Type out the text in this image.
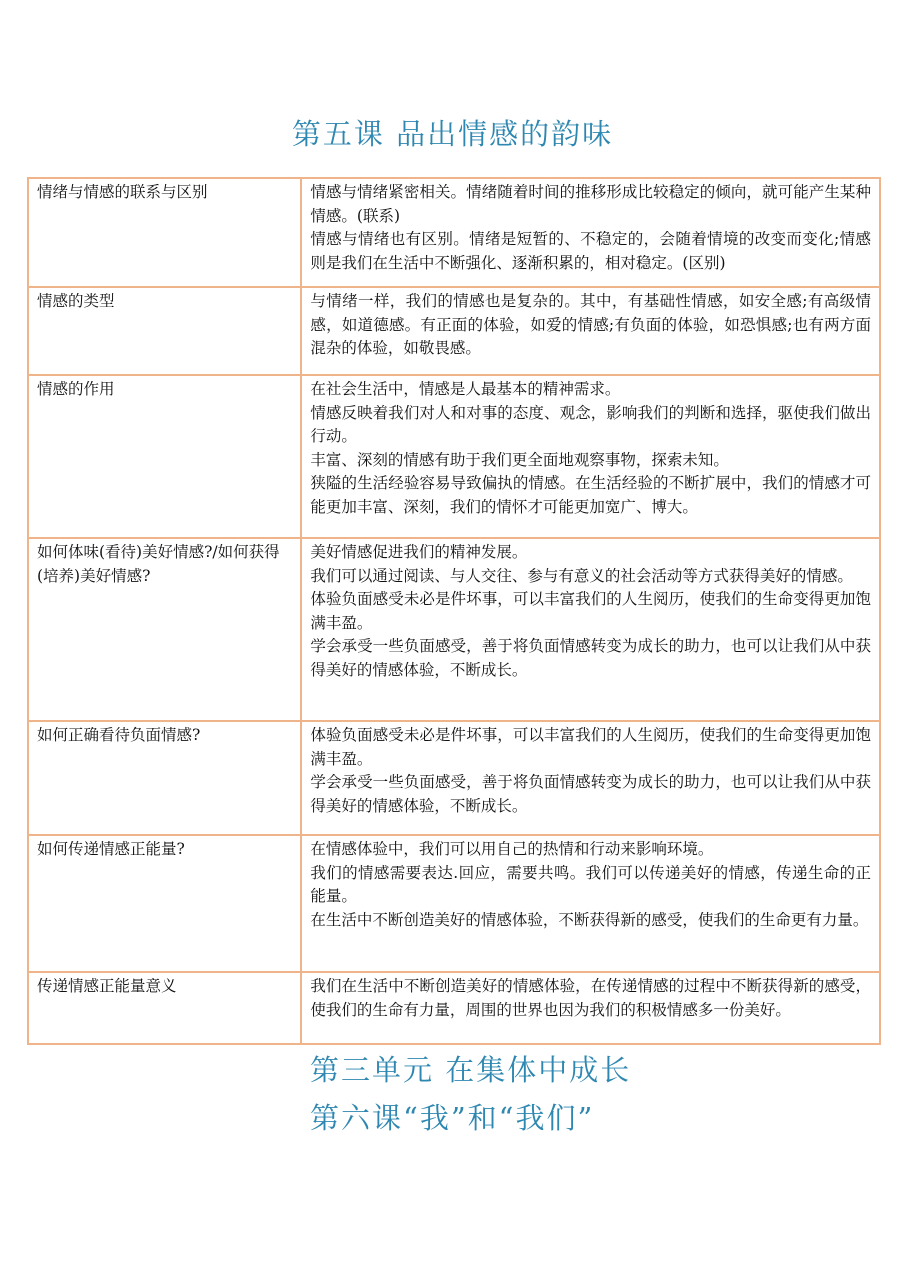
第五课 品出情感的韵味
情绪与情感的联系与区别	情感与情绪紧密相关。情绪随着时间的推移形成比较稳定的倾向，就可能产生某种情感。(联系)
情感与情绪也有区别。情绪是短暂的、不稳定的，会随着情境的改变而变化;情感则是我们在生活中不断强化、逐渐积累的，相对稳定。(区别)

情感的类型	与情绪一样，我们的情感也是复杂的。其中，有基础性情感，如安全感;有高级情感，如道德感。有正面的体验，如爱的情感;有负面的体验，如恐惧感;也有两方面混杂的体验，如敬畏感。

情感的作用	在社会生活中，情感是人最基本的精神需求。
情感反映着我们对人和对事的态度、观念，影响我们的判断和选择，驱使我们做出行动。
丰富、深刻的情感有助于我们更全面地观察事物，探索未知。
狭隘的生活经验容易导致偏执的情感。在生活经验的不断扩展中，我们的情感才可能更加丰富、深刻，我们的情怀才可能更加宽广、博大。

如何体味(看待)美好情感?/如何获得(培养)美好情感?	美好情感促进我们的精神发展。
我们可以通过阅读、与人交往、参与有意义的社会活动等方式获得美好的情感。
体验负面感受未必是件坏事，可以丰富我们的人生阅历，使我们的生命变得更加饱满丰盈。
学会承受一些负面感受，善于将负面情感转变为成长的助力，也可以让我们从中获得美好的情感体验，不断成长。

如何正确看待负面情感?	体验负面感受未必是件坏事，可以丰富我们的人生阅历，使我们的生命变得更加饱满丰盈。
学会承受一些负面感受，善于将负面情感转变为成长的助力，也可以让我们从中获得美好的情感体验，不断成长。

如何传递情感正能量?	在情感体验中，我们可以用自己的热情和行动来影响环境。
我们的情感需要表达.回应，需要共鸣。我们可以传递美好的情感，传递生命的正能量。
在生活中不断创造美好的情感体验，不断获得新的感受，使我们的生命更有力量。

传递情感正能量意义	我们在生活中不断创造美好的情感体验，在传递情感的过程中不断获得新的感受，使我们的生命有力量，周围的世界也因为我们的积极情感多一份美好。
第三单元 在集体中成长
第六课“我”和“我们”
